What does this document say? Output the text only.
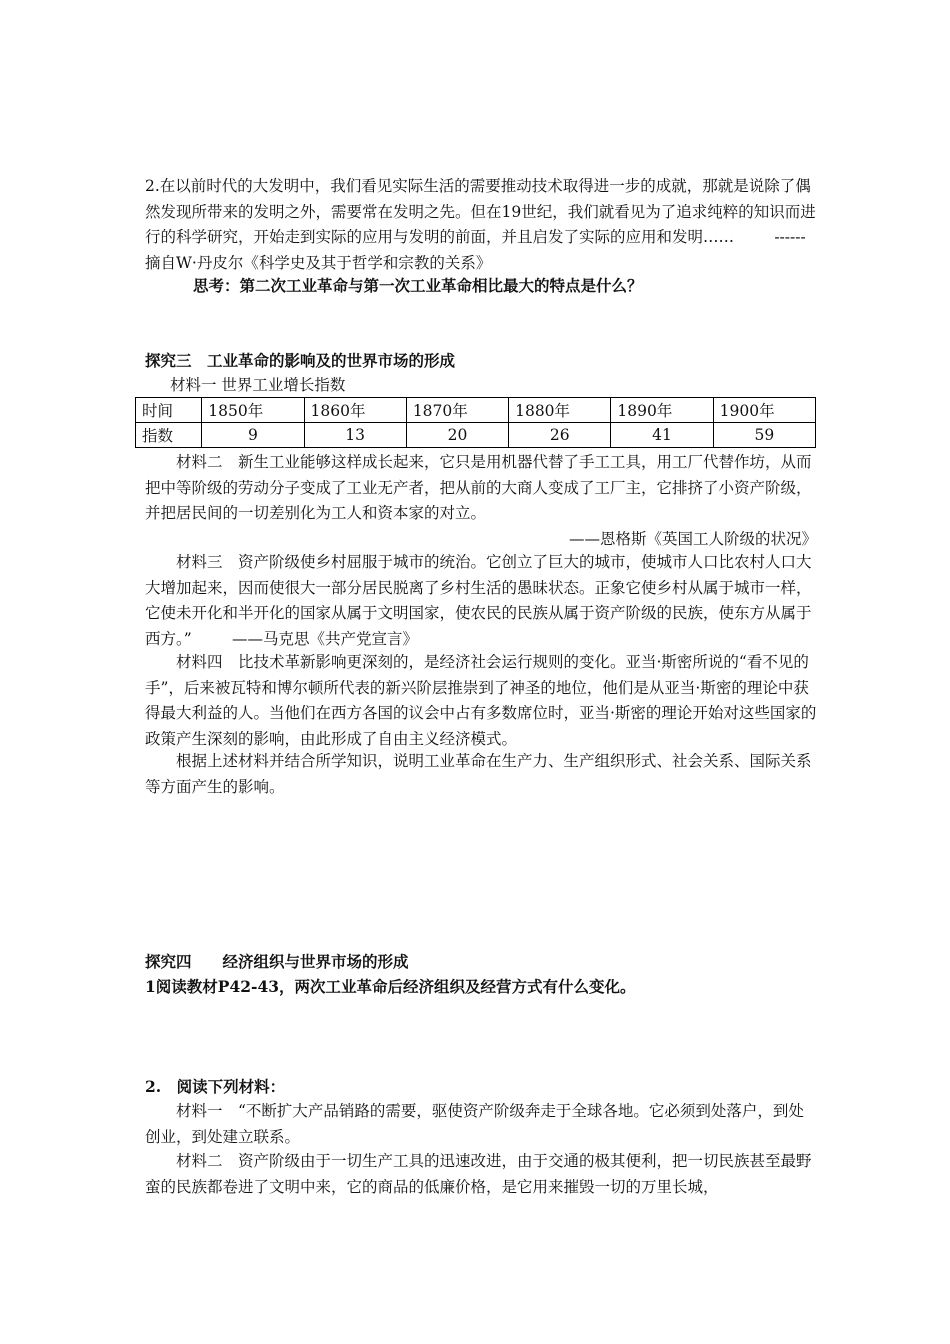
2.在以前时代的大发明中，我们看见实际生活的需要推动技术取得进一步的成就，那就是说除了偶然发现所带来的发明之外，需要常在发明之先。但在19世纪，我们就看见为了追求纯粹的知识而进行的科学研究，开始走到实际的应用与发明的前面，并且启发了实际的应用和发明……	------摘自W·丹皮尔《科学史及其于哲学和宗教的关系》

思考：第二次工业革命与第一次工业革命相比最大的特点是什么？

探究三　工业革命的影响及的世界市场的形成

材料一 世界工业增长指数

时间	1850年	1860年	1870年	1880年	1890年	1900年
指数	9	13	20	26	41	59

材料二　新生工业能够这样成长起来，它只是用机器代替了手工工具，用工厂代替作坊，从而把中等阶级的劳动分子变成了工业无产者，把从前的大商人变成了工厂主，它排挤了小资产阶级，并把居民间的一切差别化为工人和资本家的对立。
——恩格斯《英国工人阶级的状况》

材料三　资产阶级使乡村屈服于城市的统治。它创立了巨大的城市，使城市人口比农村人口大大增加起来，因而使很大一部分居民脱离了乡村生活的愚昧状态。正象它使乡村从属于城市一样，它使未开化和半开化的国家从属于文明国家，使农民的民族从属于资产阶级的民族，使东方从属于西方。”	——马克思《共产党宣言》

材料四　比技术革新影响更深刻的，是经济社会运行规则的变化。亚当·斯密所说的“看不见的手”，后来被瓦特和博尔顿所代表的新兴阶层推崇到了神圣的地位，他们是从亚当·斯密的理论中获得最大利益的人。当他们在西方各国的议会中占有多数席位时，亚当·斯密的理论开始对这些国家的政策产生深刻的影响，由此形成了自由主义经济模式。

根据上述材料并结合所学知识，说明工业革命在生产力、生产组织形式、社会关系、国际关系等方面产生的影响。

探究四　　经济组织与世界市场的形成

1阅读教材P42-43，两次工业革命后经济组织及经营方式有什么变化。

2.　阅读下列材料：

材料一　“不断扩大产品销路的需要，驱使资产阶级奔走于全球各地。它必须到处落户，到处创业，到处建立联系。

材料二　资产阶级由于一切生产工具的迅速改进，由于交通的极其便利，把一切民族甚至最野蛮的民族都卷进了文明中来，它的商品的低廉价格，是它用来摧毁一切的万里长城，
